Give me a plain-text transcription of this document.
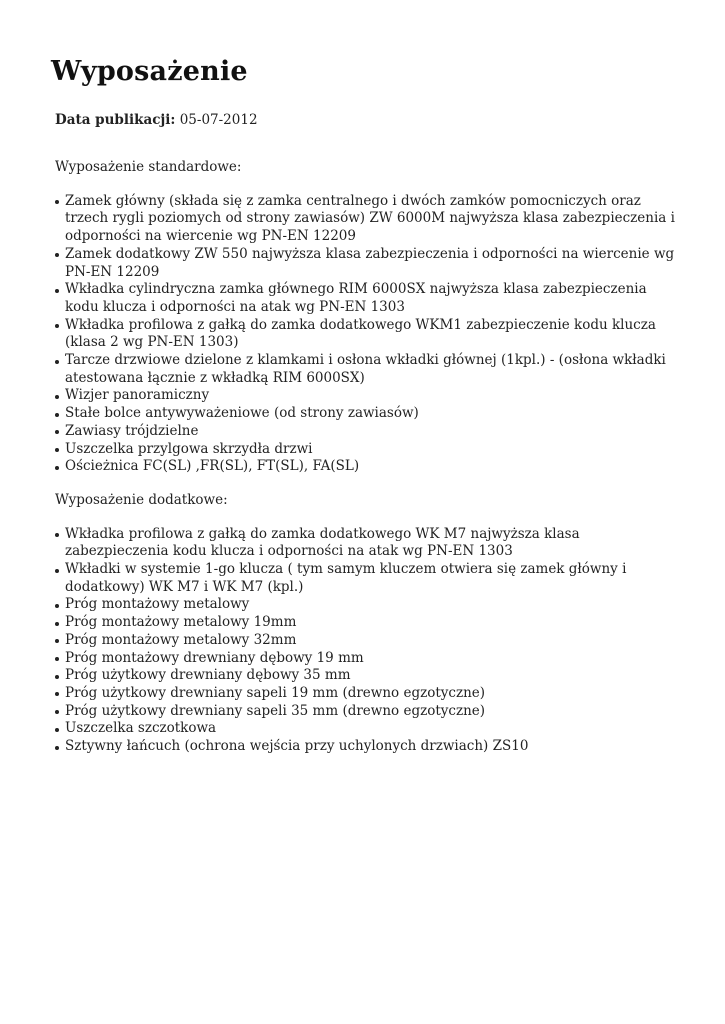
Wyposażenie
Data publikacji: 05-07-2012

Wyposażenie standardowe:

Zamek główny (składa się z zamka centralnego i dwóch zamków pomocniczych oraz trzech rygli poziomych od strony zawiasów) ZW 6000M najwyższa klasa zabezpieczenia i odporności na wiercenie wg PN-EN 12209
Zamek dodatkowy ZW 550 najwyższa klasa zabezpieczenia i odporności na wiercenie wg PN-EN 12209
Wkładka cylindryczna zamka głównego RIM 6000SX najwyższa klasa zabezpieczenia kodu klucza i odporności na atak wg PN-EN 1303
Wkładka profilowa z gałką do zamka dodatkowego WKM1 zabezpieczenie kodu klucza (klasa 2 wg PN-EN 1303)
Tarcze drzwiowe dzielone z klamkami i osłona wkładki głównej (1kpl.) - (osłona wkładki atestowana łącznie z wkładką RIM 6000SX)
Wizjer panoramiczny
Stałe bolce antywyważeniowe (od strony zawiasów)
Zawiasy trójdzielne
Uszczelka przylgowa skrzydła drzwi
Ościeżnica FC(SL) ,FR(SL), FT(SL), FA(SL)

Wyposażenie dodatkowe:

Wkładka profilowa z gałką do zamka dodatkowego WK M7 najwyższa klasa zabezpieczenia kodu klucza i odporności na atak wg PN-EN 1303
Wkładki w systemie 1-go klucza ( tym samym kluczem otwiera się zamek główny i dodatkowy) WK M7 i WK M7 (kpl.)
Próg montażowy metalowy
Próg montażowy metalowy 19mm
Próg montażowy metalowy 32mm
Próg montażowy drewniany dębowy 19 mm
Próg użytkowy drewniany dębowy 35 mm
Próg użytkowy drewniany sapeli 19 mm (drewno egzotyczne)
Próg użytkowy drewniany sapeli 35 mm (drewno egzotyczne)
Uszczelka szczotkowa
Sztywny łańcuch (ochrona wejścia przy uchylonych drzwiach) ZS10
